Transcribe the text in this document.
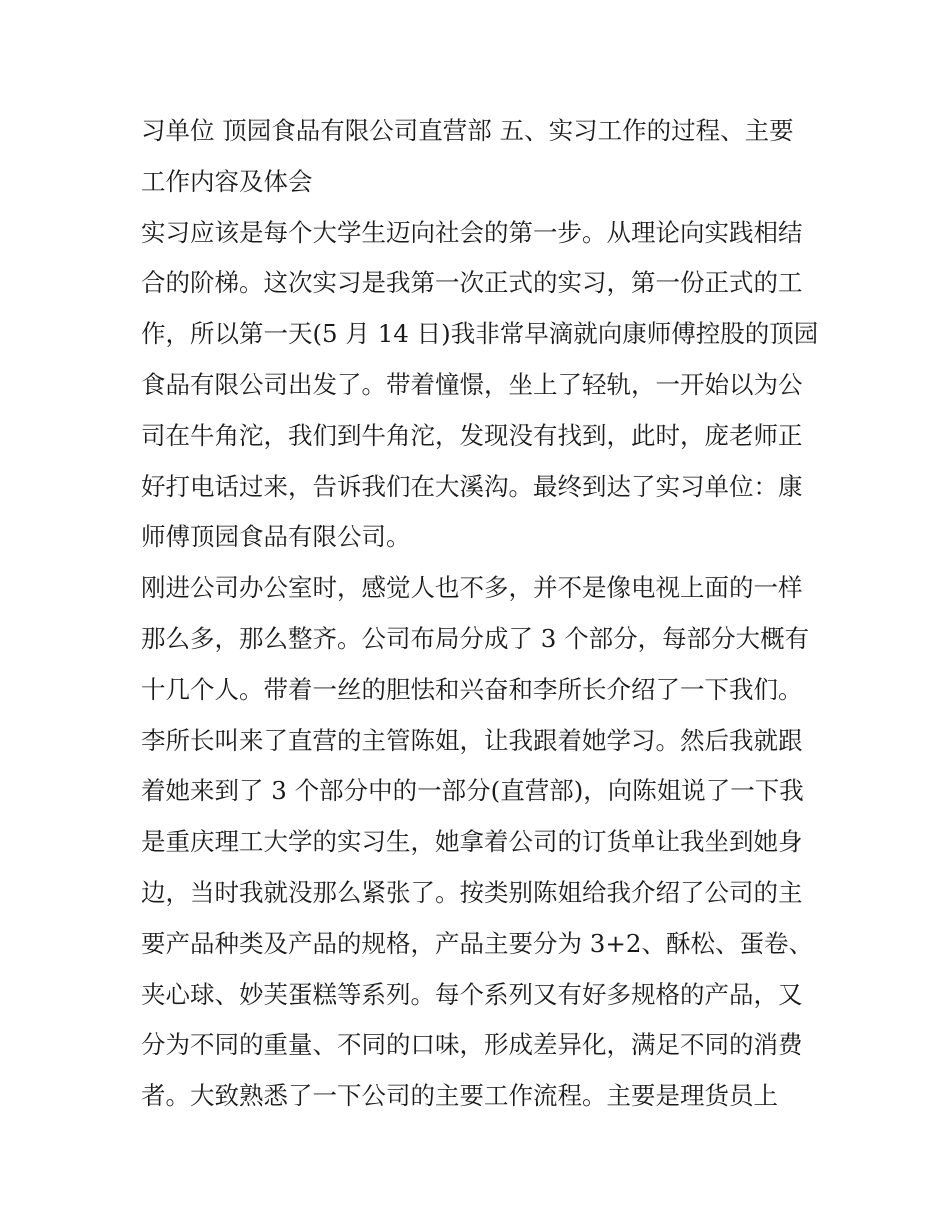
习单位 顶园食品有限公司直营部 五、实习工作的过程、主要
工作内容及体会
实习应该是每个大学生迈向社会的第一步。从理论向实践相结
合的阶梯。这次实习是我第一次正式的实习，第一份正式的工
作，所以第一天(5 月 14 日)我非常早滴就向康师傅控股的顶园
食品有限公司出发了。带着憧憬，坐上了轻轨，一开始以为公
司在牛角沱，我们到牛角沱，发现没有找到，此时，庞老师正
好打电话过来，告诉我们在大溪沟。最终到达了实习单位：康
师傅顶园食品有限公司。
刚进公司办公室时，感觉人也不多，并不是像电视上面的一样
那么多，那么整齐。公司布局分成了 3 个部分，每部分大概有
十几个人。带着一丝的胆怯和兴奋和李所长介绍了一下我们。
李所长叫来了直营的主管陈姐，让我跟着她学习。然后我就跟
着她来到了 3 个部分中的一部分(直营部)，向陈姐说了一下我
是重庆理工大学的实习生，她拿着公司的订货单让我坐到她身
边，当时我就没那么紧张了。按类别陈姐给我介绍了公司的主
要产品种类及产品的规格，产品主要分为 3+2、酥松、蛋卷、
夹心球、妙芙蛋糕等系列。每个系列又有好多规格的产品，又
分为不同的重量、不同的口味，形成差异化，满足不同的消费
者。大致熟悉了一下公司的主要工作流程。主要是理货员上
